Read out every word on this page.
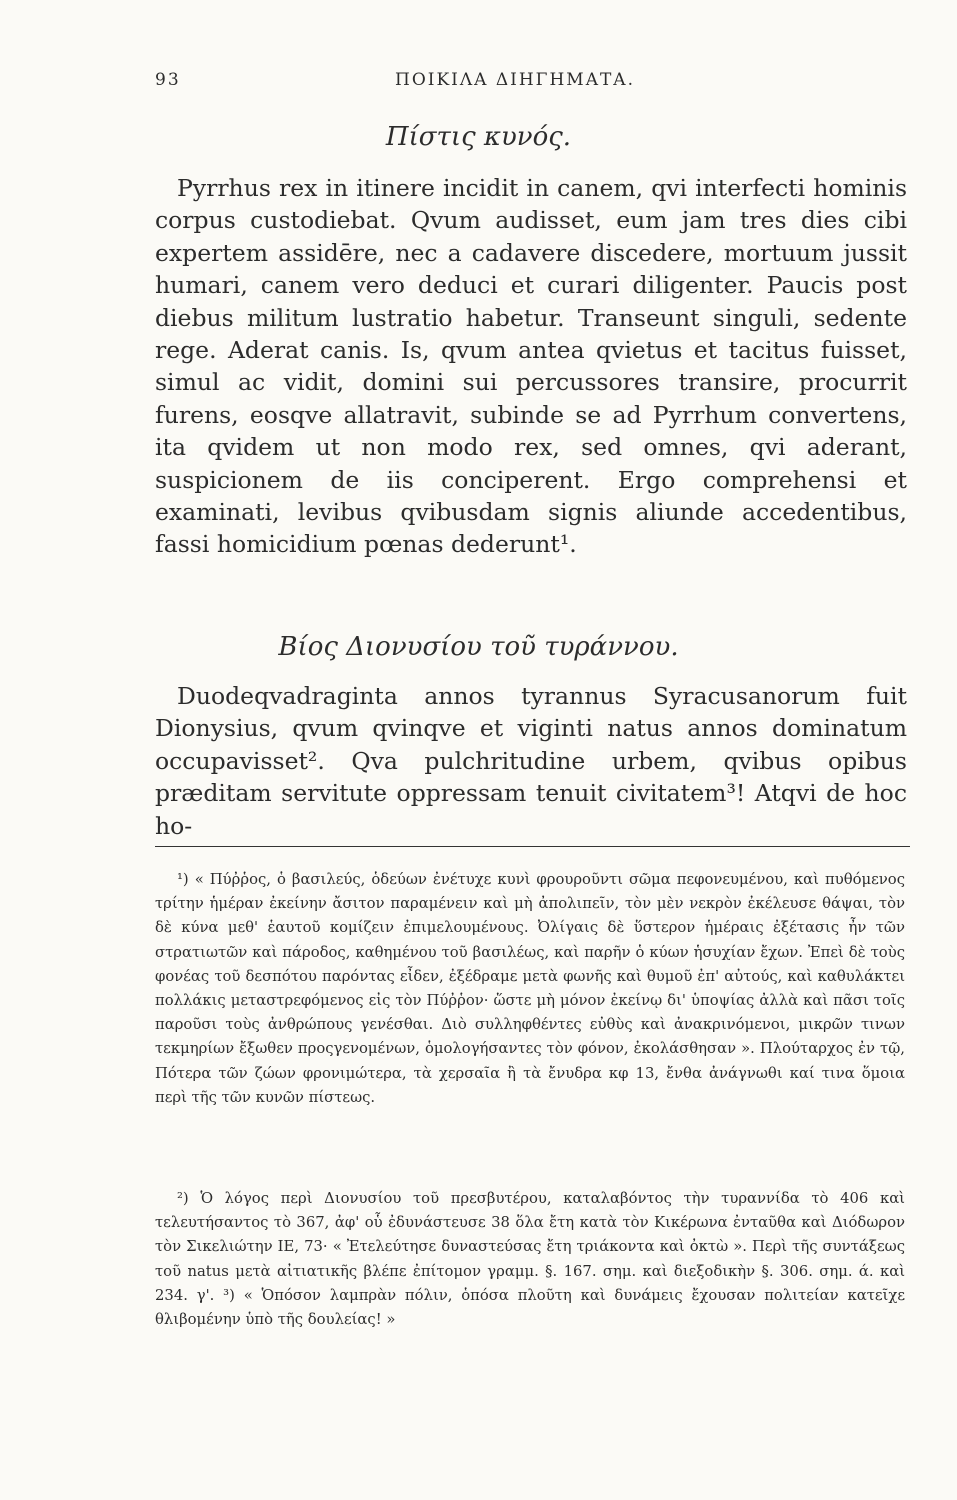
93	ΠΟΙΚΙΛΑ ΔΙΗΓΗΜΑΤΑ.
Πίστις κυνός.

Pyrrhus rex in itinere incidit in canem, qvi interfecti hominis corpus custodiebat. Qvum audisset, eum jam tres dies cibi expertem assidēre, nec a cadavere discedere, mortuum jussit humari, canem vero deduci et curari diligenter. Paucis post diebus militum lustratio habetur. Transeunt singuli, sedente rege. Aderat canis. Is, qvum antea qvietus et tacitus fuisset, simul ac vidit, domini sui percussores transire, procurrit furens, eosqve allatravit, subinde se ad Pyrrhum convertens, ita qvidem ut non modo rex, sed omnes, qvi aderant, suspicionem de iis conciperent. Ergo comprehensi et examinati, levibus qvibusdam signis aliunde accedentibus, fassi homicidium pœnas dederunt¹.

Βίος Διονυσίου τοῦ τυράννου.

Duodeqvadraginta annos tyrannus Syracusanorum fuit Dionysius, qvum qvinqve et viginti natus annos dominatum occupavisset². Qva pulchritudine urbem, qvibus opibus præditam servitute oppressam tenuit civitatem³! Atqvi de hoc ho-

¹) « Πύῤῥος, ὁ βασιλεύς, ὁδεύων ἐνέτυχε κυνὶ φρουροῦντι σῶμα πεφονευμένου, καὶ πυθόμενος τρίτην ἡμέραν ἐκείνην ἄσιτον παραμένειν καὶ μὴ ἀπολιπεῖν, τὸν μὲν νεκρὸν ἐκέλευσε θάψαι, τὸν δὲ κύνα μεθ' ἑαυτοῦ κομίζειν ἐπιμελουμένους. Ὀλίγαις δὲ ὕστερον ἡμέραις ἐξέτασις ἦν τῶν στρατιωτῶν καὶ πάροδος, καθημένου τοῦ βασιλέως, καὶ παρῆν ὁ κύων ἡσυχίαν ἔχων. Ἐπεὶ δὲ τοὺς φονέας τοῦ δεσπότου παρόντας εἶδεν, ἐξέδραμε μετὰ φωνῆς καὶ θυμοῦ ἐπ' αὐτούς, καὶ καθυλάκτει πολλάκις μεταστρεφόμενος εἰς τὸν Πύῤῥον· ὥστε μὴ μόνον ἐκείνῳ δι' ὑποψίας ἀλλὰ καὶ πᾶσι τοῖς παροῦσι τοὺς ἀνθρώπους γενέσθαι. Διὸ συλληφθέντες εὐθὺς καὶ ἀνακρινόμενοι, μικρῶν τινων τεκμηρίων ἔξωθεν προςγενομένων, ὁμολογήσαντες τὸν φόνον, ἐκολάσθησαν ». Πλούταρχος ἐν τῷ, Πότερα τῶν ζώων φρονιμώτερα, τὰ χερσαῖα ἢ τὰ ἔνυδρα κφ 13, ἔνθα ἀνάγνωθι καί τινα ὅμοια περὶ τῆς τῶν κυνῶν πίστεως.

²) Ὁ λόγος περὶ Διονυσίου τοῦ πρεσβυτέρου, καταλαβόντος τὴν τυραννίδα τὸ 406 καὶ τελευτήσαντος τὸ 367, ἀφ' οὗ ἐδυνάστευσε 38 ὅλα ἔτη κατὰ τὸν Κικέρωνα ἐνταῦθα καὶ Διόδωρον τὸν Σικελιώτην ΙΕ, 73· « Ἐτελεύτησε δυναστεύσας ἔτη τριάκοντα καὶ ὀκτὼ ». Περὶ τῆς συντάξεως τοῦ natus μετὰ αἰτιατικῆς βλέπε ἐπίτομον γραμμ. §. 167. σημ. καὶ διεξοδικὴν §. 306. σημ. ά. καὶ 234. γ'. ³) « Ὁπόσον λαμπρὰν πόλιν, ὁπόσα πλοῦτη καὶ δυνάμεις ἔχουσαν πολιτείαν κατεῖχε θλιβομένην ὑπὸ τῆς δουλείας! »
